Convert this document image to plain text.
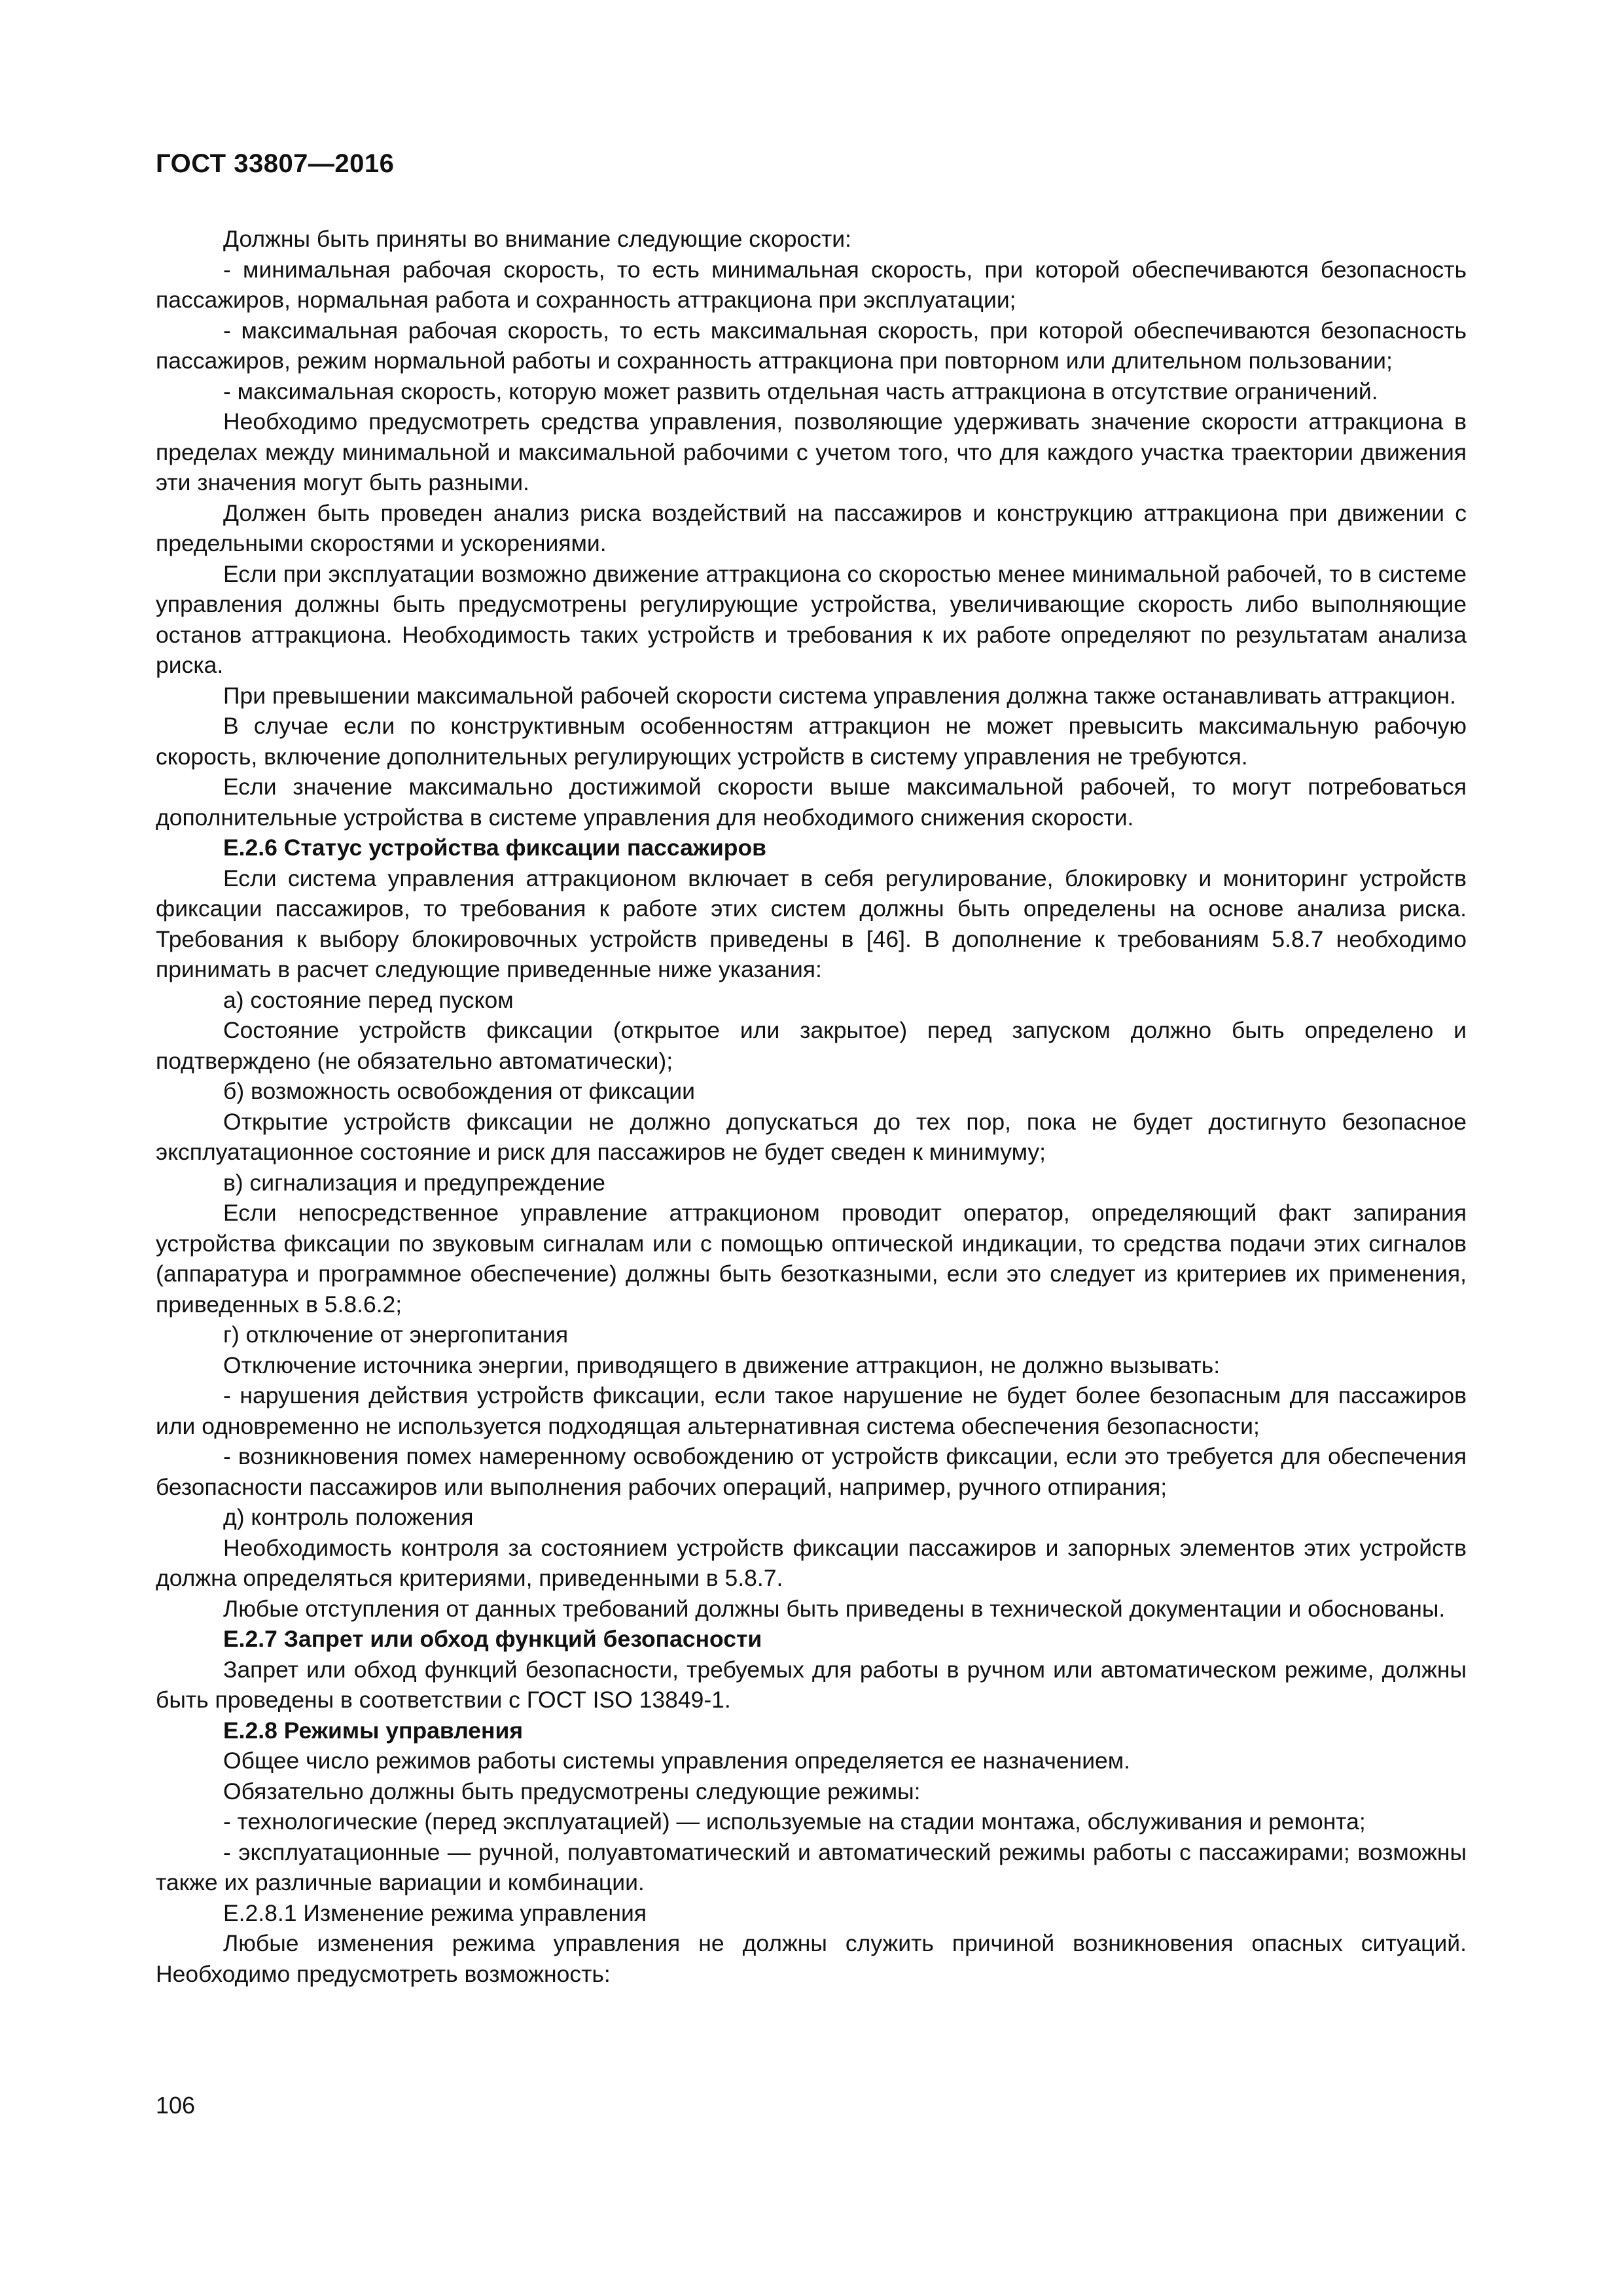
ГОСТ 33807—2016

Должны быть приняты во внимание следующие скорости:

- минимальная рабочая скорость, то есть минимальная скорость, при которой обеспечиваются безопасность пассажиров, нормальная работа и сохранность аттракциона при эксплуатации;

- максимальная рабочая скорость, то есть максимальная скорость, при которой обеспечиваются безопасность пассажиров, режим нормальной работы и сохранность аттракциона при повторном или длительном пользовании;

- максимальная скорость, которую может развить отдельная часть аттракциона в отсутствие ограничений.

Необходимо предусмотреть средства управления, позволяющие удерживать значение скорости аттракциона в пределах между минимальной и максимальной рабочими с учетом того, что для каждого участка траектории движения эти значения могут быть разными.

Должен быть проведен анализ риска воздействий на пассажиров и конструкцию аттракциона при движении с предельными скоростями и ускорениями.

Если при эксплуатации возможно движение аттракциона со скоростью менее минимальной рабочей, то в системе управления должны быть предусмотрены регулирующие устройства, увеличивающие скорость либо выполняющие останов аттракциона. Необходимость таких устройств и требования к их работе определяют по результатам анализа риска.

При превышении максимальной рабочей скорости система управления должна также останавливать аттракцион.

В случае если по конструктивным особенностям аттракцион не может превысить максимальную рабочую скорость, включение дополнительных регулирующих устройств в систему управления не требуются.

Если значение максимально достижимой скорости выше максимальной рабочей, то могут потребоваться дополнительные устройства в системе управления для необходимого снижения скорости.

Е.2.6 Статус устройства фиксации пассажиров

Если система управления аттракционом включает в себя регулирование, блокировку и мониторинг устройств фиксации пассажиров, то требования к работе этих систем должны быть определены на основе анализа риска. Требования к выбору блокировочных устройств приведены в [46]. В дополнение к требованиям 5.8.7 необходимо принимать в расчет следующие приведенные ниже указания:

а) состояние перед пуском

Состояние устройств фиксации (открытое или закрытое) перед запуском должно быть определено и подтверждено (не обязательно автоматически);

б) возможность освобождения от фиксации

Открытие устройств фиксации не должно допускаться до тех пор, пока не будет достигнуто безопасное эксплуатационное состояние и риск для пассажиров не будет сведен к минимуму;

в) сигнализация и предупреждение

Если непосредственное управление аттракционом проводит оператор, определяющий факт запирания устройства фиксации по звуковым сигналам или с помощью оптической индикации, то средства подачи этих сигналов (аппаратура и программное обеспечение) должны быть безотказными, если это следует из критериев их применения, приведенных в 5.8.6.2;

г) отключение от энергопитания

Отключение источника энергии, приводящего в движение аттракцион, не должно вызывать:

- нарушения действия устройств фиксации, если такое нарушение не будет более безопасным для пассажиров или одновременно не используется подходящая альтернативная система обеспечения безопасности;

- возникновения помех намеренному освобождению от устройств фиксации, если это требуется для обеспечения безопасности пассажиров или выполнения рабочих операций, например, ручного отпирания;

д) контроль положения

Необходимость контроля за состоянием устройств фиксации пассажиров и запорных элементов этих устройств должна определяться критериями, приведенными в 5.8.7.

Любые отступления от данных требований должны быть приведены в технической документации и обоснованы.

Е.2.7 Запрет или обход функций безопасности

Запрет или обход функций безопасности, требуемых для работы в ручном или автоматическом режиме, должны быть проведены в соответствии с ГОСТ ISO 13849-1.

Е.2.8 Режимы управления

Общее число режимов работы системы управления определяется ее назначением.

Обязательно должны быть предусмотрены следующие режимы:

- технологические (перед эксплуатацией) — используемые на стадии монтажа, обслуживания и ремонта;

- эксплуатационные — ручной, полуавтоматический и автоматический режимы работы с пассажирами; возможны также их различные вариации и комбинации.

Е.2.8.1 Изменение режима управления

Любые изменения режима управления не должны служить причиной возникновения опасных ситуаций. Необходимо предусмотреть возможность:

106
